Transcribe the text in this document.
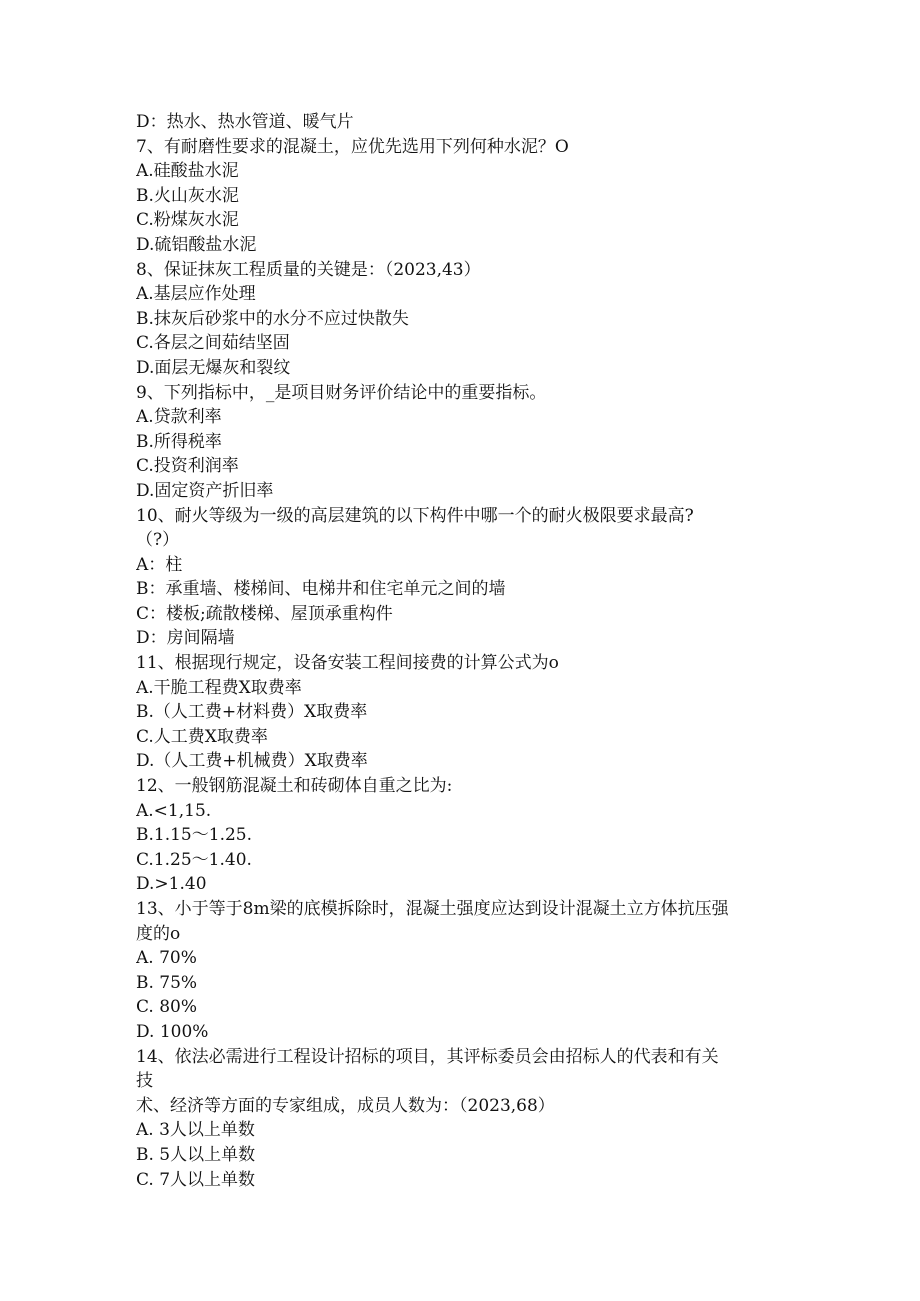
D：热水、热水管道、暖气片
7、有耐磨性要求的混凝土，应优先选用下列何种水泥？O
A.硅酸盐水泥
B.火山灰水泥
C.粉煤灰水泥
D.硫铝酸盐水泥
8、保证抹灰工程质量的关键是：（2023,43）
A.基层应作处理
B.抹灰后砂浆中的水分不应过快散失
C.各层之间茹结坚固
D.面层无爆灰和裂纹
9、下列指标中，_是项目财务评价结论中的重要指标。
A.贷款利率
B.所得税率
C.投资利润率
D.固定资产折旧率
10、耐火等级为一级的高层建筑的以下构件中哪一个的耐火极限要求最高?
（?）
A：柱
B：承重墙、楼梯间、电梯井和住宅单元之间的墙
C：楼板;疏散楼梯、屋顶承重构件
D：房间隔墙
11、根据现行规定，设备安装工程间接费的计算公式为o
A.干脆工程费X取费率
B.（人工费+材料费）X取费率
C.人工费X取费率
D.（人工费+机械费）X取费率
12、一般钢筋混凝土和砖砌体自重之比为:
A.<1,15.
B.1.15～1.25.
C.1.25～1.40.
D.>1.40
13、小于等于8m梁的底模拆除时，混凝土强度应达到设计混凝土立方体抗压强
度的o
A. 70%
B. 75%
C. 80%
D. 100%
14、依法必需进行工程设计招标的项目，其评标委员会由招标人的代表和有关
技
术、经济等方面的专家组成，成员人数为：（2023,68）
A. 3人以上单数
B. 5人以上单数
C. 7人以上单数
